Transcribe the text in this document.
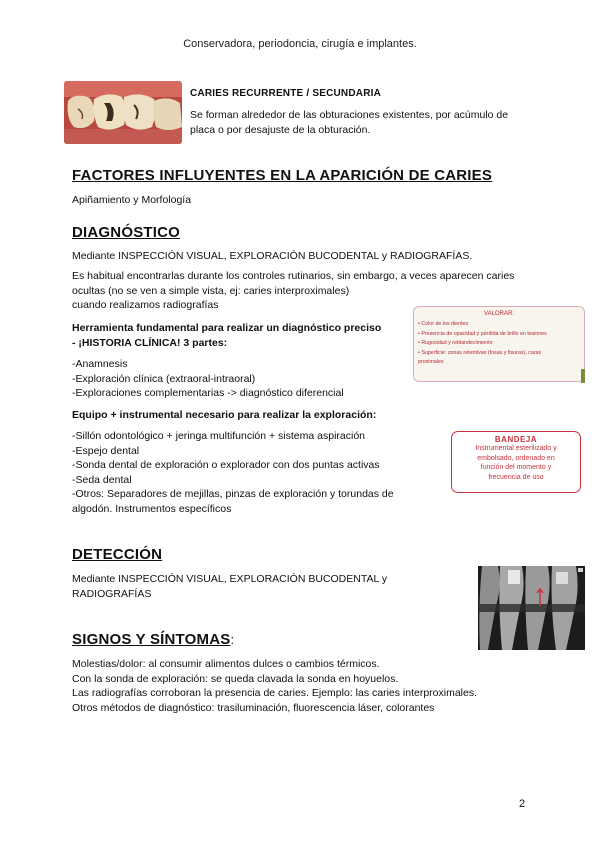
Conservadora, periodoncia, cirugía e implantes.
CARIES RECURRENTE / SECUNDARIA
Se forman alrededor de las obturaciones existentes, por acúmulo de placa o por desajuste de la obturación.
FACTORES INFLUYENTES EN LA APARICIÓN DE CARIES
Apiñamiento y Morfología
DIAGNÓSTICO
Mediante INSPECCIÓN VISUAL, EXPLORACIÓN BUCODENTAL y RADIOGRAFÍAS.
Es habitual encontrarlas durante los controles rutinarios, sin embargo, a veces aparecen caries
ocultas (no se ven a simple vista, ej: caries interproximales)
cuando realizamos radiografías
Herramienta fundamental para realizar un diagnóstico preciso
- ¡HISTORIA CLÍNICA! 3 partes:
-Anamnesis
-Exploración clínica (extraoral-intraoral)
-Exploraciones complementarias -> diagnóstico diferencial
Equipo + instrumental necesario para realizar la exploración:
-Sillón odontológico + jeringa multifunción + sistema aspiración
-Espejo dental
-Sonda dental de exploración o explorador con dos puntas activas
-Seda dental
-Otros: Separadores de mejillas, pinzas de exploración y torundas de
algodón. Instrumentos específicos
VALORAR:
• Color de los dientes
• Presencia de opacidad y pérdida de brillo en lesiones
• Rugosidad y reblandecimiento
• Superficie: zonas retentivas (fosas y fisuras), caras
proximales
BANDEJA
Instrumental esterilizado y
embolsado, ordenado en
función del momento y
frecuencia de uso
DETECCIÓN
Mediante INSPECCIÓN VISUAL, EXPLORACIÓN BUCODENTAL y
RADIOGRAFÍAS
SIGNOS Y SÍNTOMAS:
Molestias/dolor: al consumir alimentos dulces o cambios térmicos.
Con la sonda de exploración: se queda clavada la sonda en hoyuelos.
Las radiografías corroboran la presencia de caries. Ejemplo: las caries interproximales.
Otros métodos de diagnóstico: trasiluminación, fluorescencia láser, colorantes
2
